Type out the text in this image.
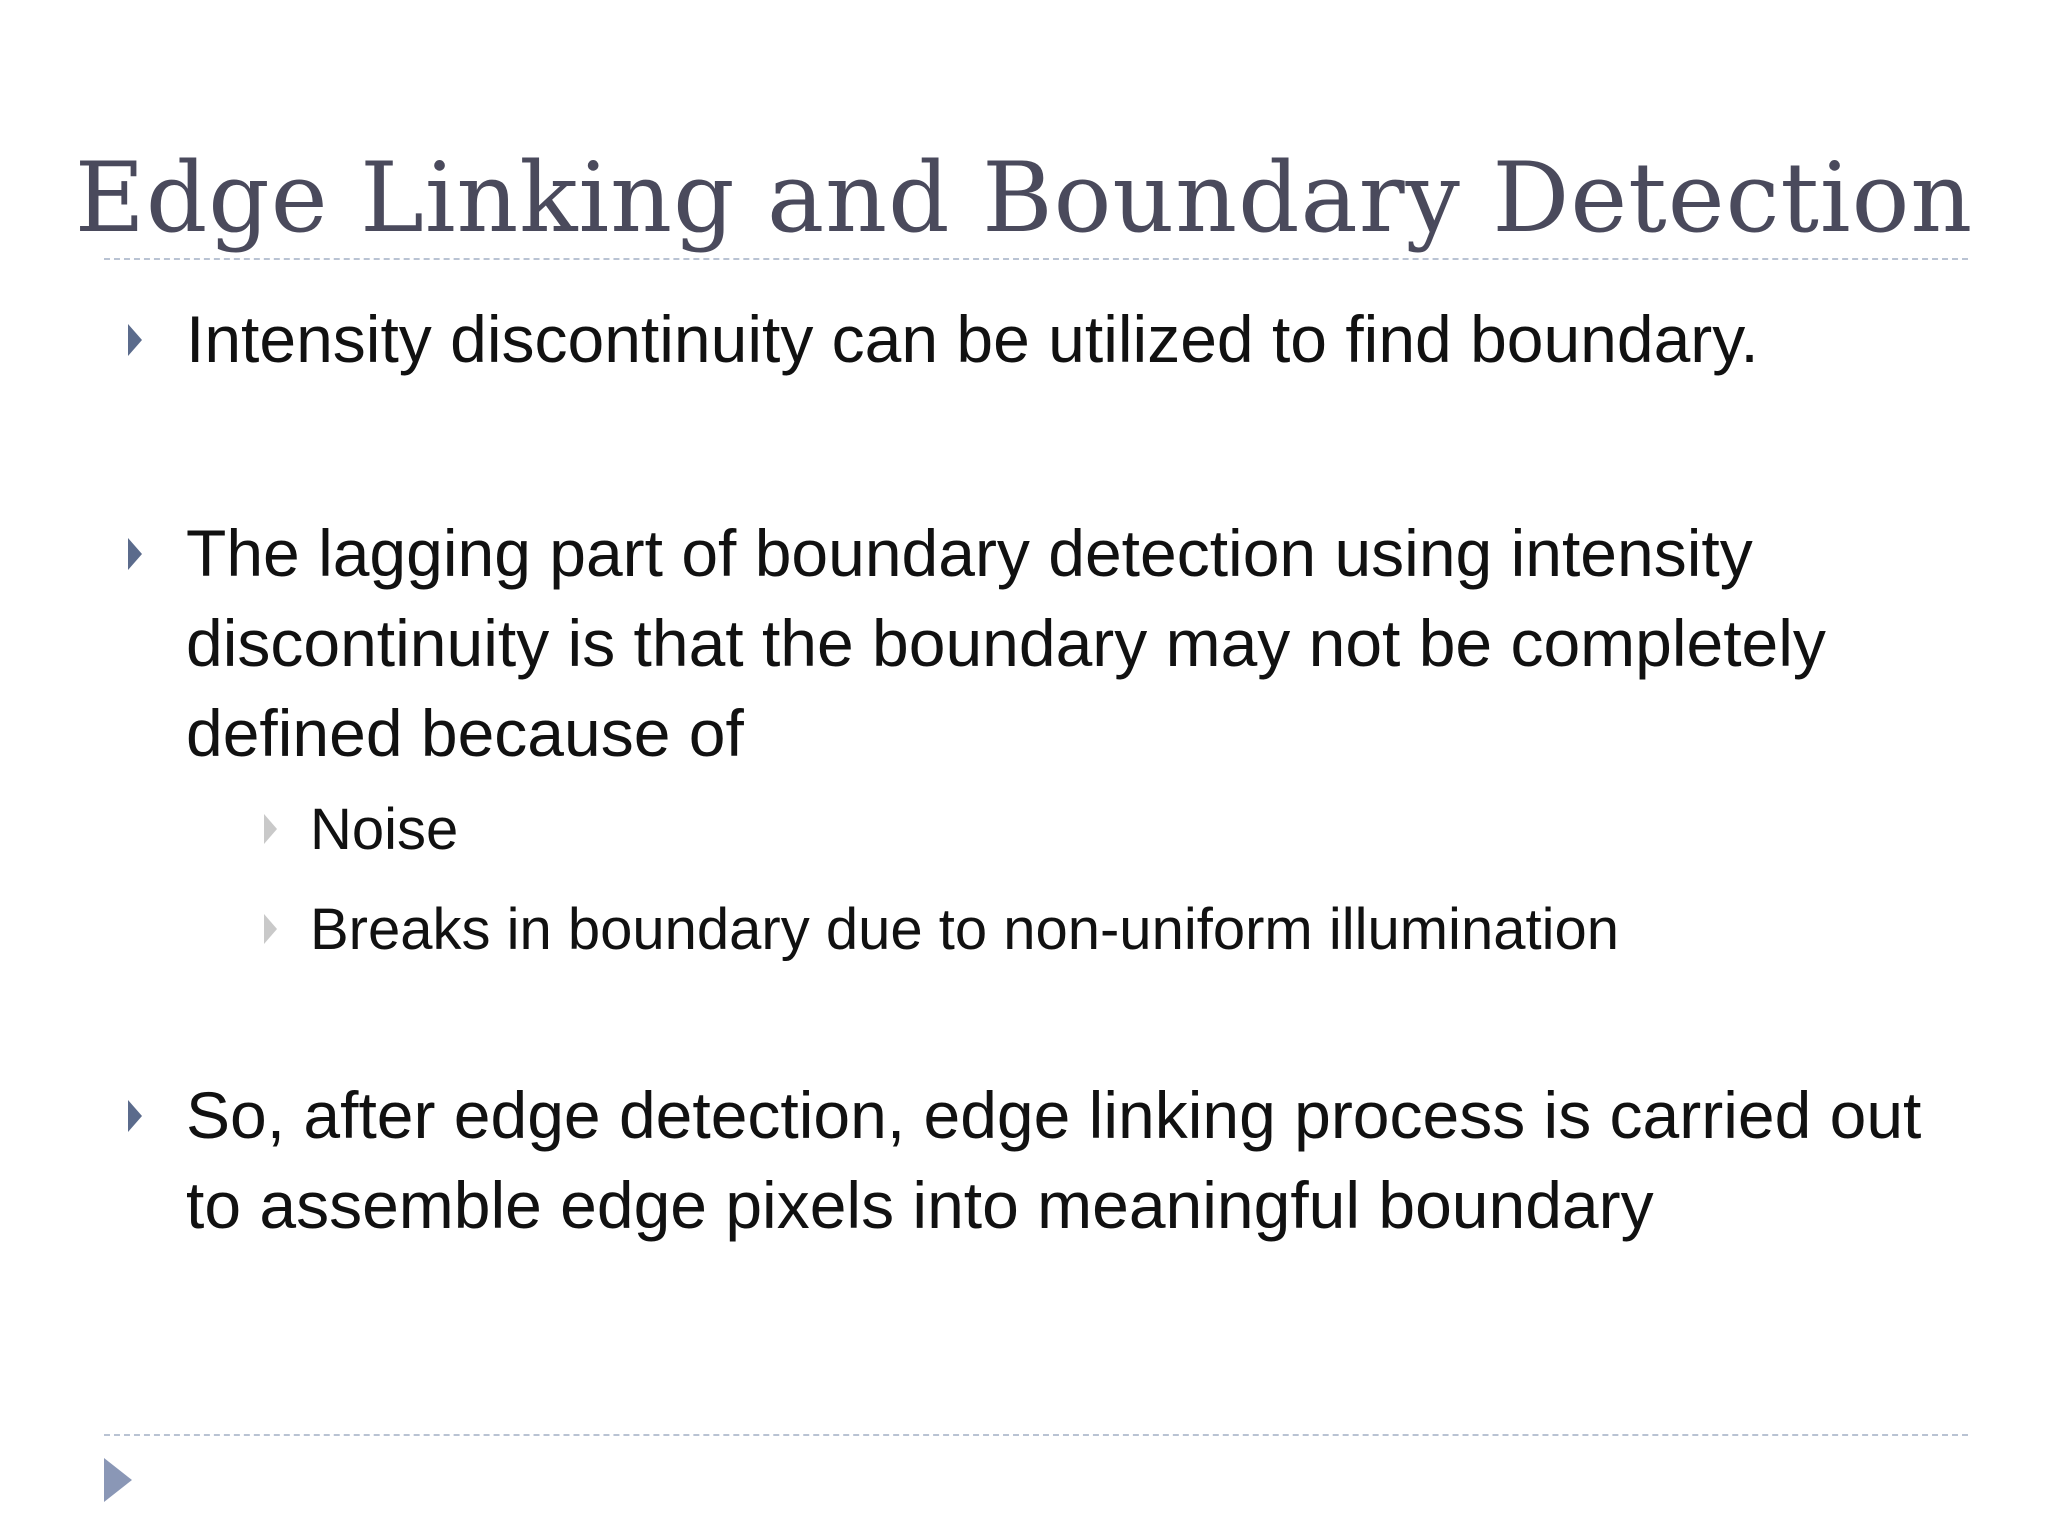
Edge Linking and Boundary Detection
Intensity discontinuity can be utilized to find boundary.
The lagging part of boundary detection using intensity discontinuity is that the boundary may not be completely defined because of
Noise
Breaks in boundary due to non-uniform illumination
So, after edge detection, edge linking process is carried out to assemble edge pixels into meaningful boundary
